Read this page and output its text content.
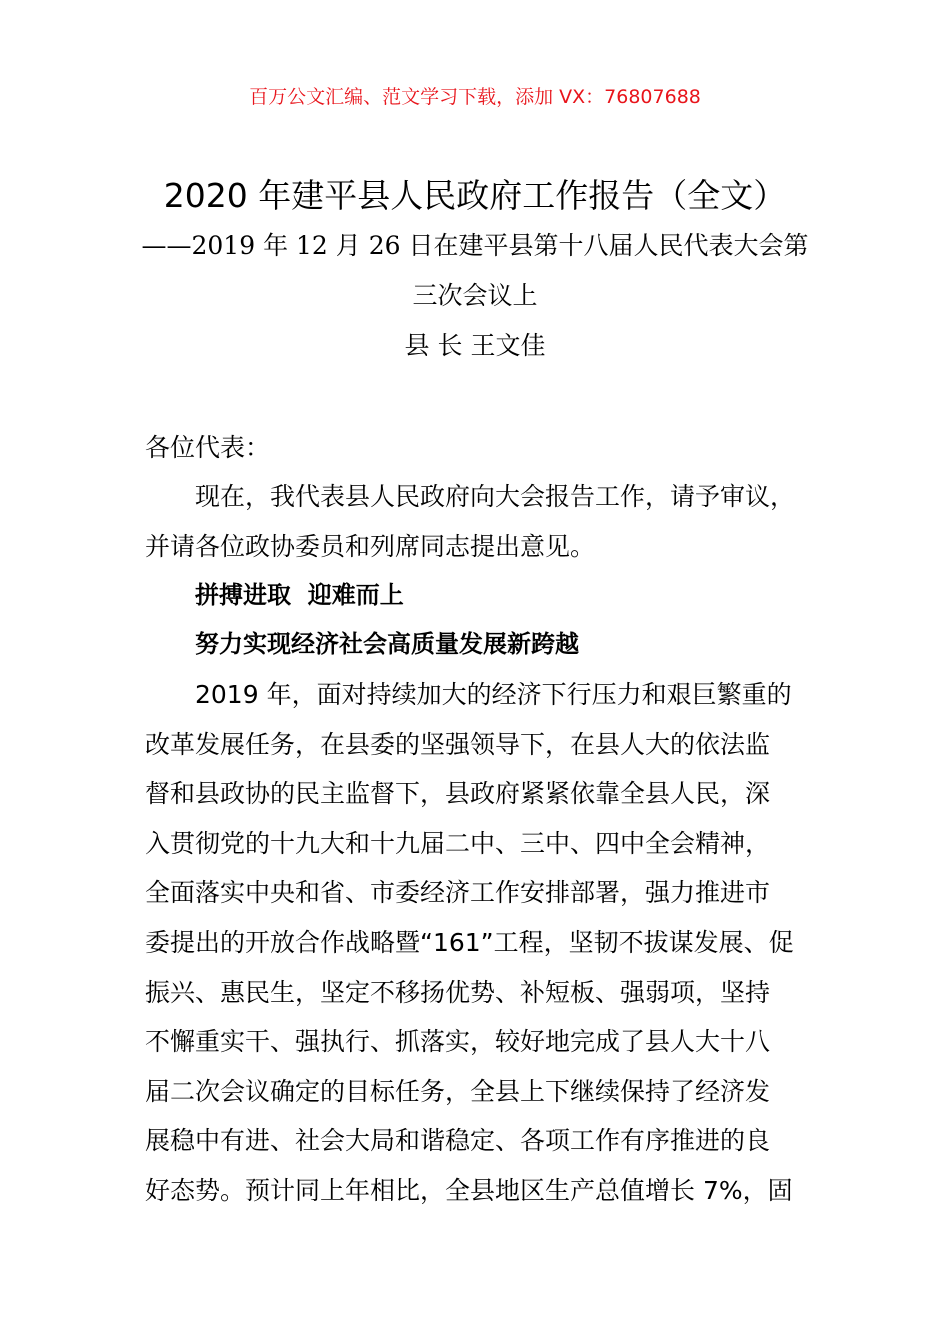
百万公文汇编、范文学习下载，添加 VX：76807688
2020 年建平县人民政府工作报告（全文）
——2019 年 12 月 26 日在建平县第十八届人民代表大会第
三次会议上
县 长 王文佳
各位代表：
现在，我代表县人民政府向大会报告工作，请予审议，
并请各位政协委员和列席同志提出意见。
拼搏进取  迎难而上
努力实现经济社会高质量发展新跨越
2019 年，面对持续加大的经济下行压力和艰巨繁重的
改革发展任务，在县委的坚强领导下，在县人大的依法监
督和县政协的民主监督下，县政府紧紧依靠全县人民，深
入贯彻党的十九大和十九届二中、三中、四中全会精神，
全面落实中央和省、市委经济工作安排部署，强力推进市
委提出的开放合作战略暨“161”工程，坚韧不拔谋发展、促
振兴、惠民生，坚定不移扬优势、补短板、强弱项，坚持
不懈重实干、强执行、抓落实，较好地完成了县人大十八
届二次会议确定的目标任务，全县上下继续保持了经济发
展稳中有进、社会大局和谐稳定、各项工作有序推进的良
好态势。预计同上年相比，全县地区生产总值增长 7%，固
